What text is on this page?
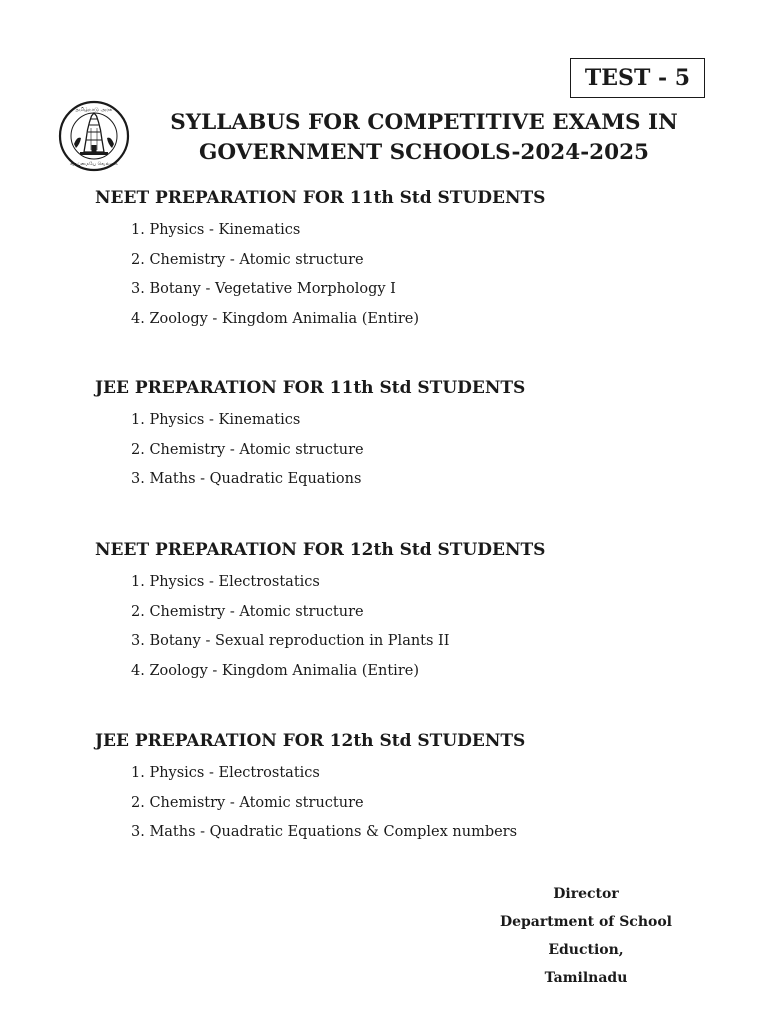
TEST - 5
தமிழ்நாடு அரசு
வாய்மையே வெல்லும்
SYLLABUS FOR COMPETITIVE EXAMS IN
GOVERNMENT SCHOOLS-2024-2025
NEET PREPARATION FOR 11th Std STUDENTS
1. Physics - Kinematics
2. Chemistry - Atomic structure
3. Botany - Vegetative Morphology I
4. Zoology - Kingdom Animalia (Entire)
JEE PREPARATION FOR 11th Std STUDENTS
1. Physics - Kinematics
2. Chemistry - Atomic structure
3. Maths - Quadratic Equations
NEET PREPARATION FOR 12th Std STUDENTS
1. Physics - Electrostatics
2. Chemistry - Atomic structure
3. Botany - Sexual reproduction in Plants II
4. Zoology - Kingdom Animalia (Entire)
JEE PREPARATION FOR 12th Std STUDENTS
1. Physics - Electrostatics
2. Chemistry - Atomic structure
3. Maths - Quadratic Equations & Complex numbers
Director
Department of School Eduction,
Tamilnadu
